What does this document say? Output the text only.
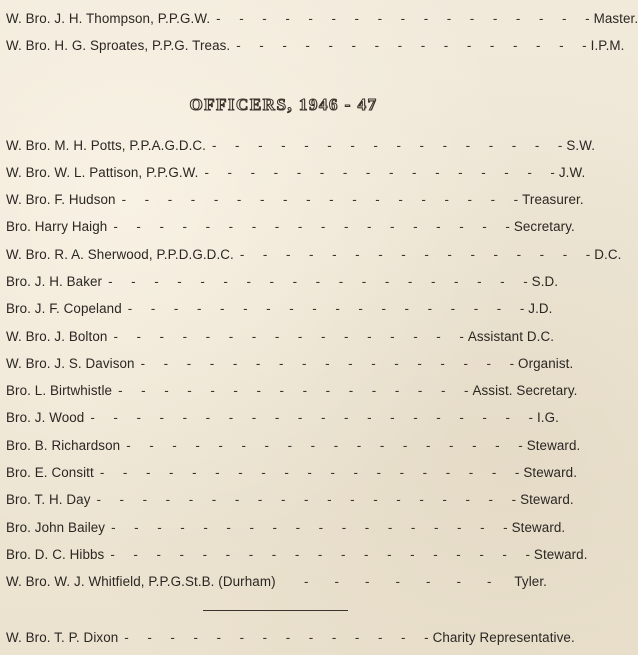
W. Bro. J. H. Thompson, P.P.G.W. -     -     -     -     -     -     -     -     -     -     -     -     -     -     -     -     - Master.
W. Bro. H. G. Sproates, P.P.G. Treas. -     -     -     -     -     -     -     -     -     -     -     -     -     -     -     - I.P.M.
OFFICERS, 1946 - 47
W. Bro. M. H. Potts, P.P.A.G.D.C. -     -     -     -     -     -     -     -     -     -     -     -     -     -     -     - S.W.
W. Bro. W. L. Pattison, P.P.G.W. -     -     -     -     -     -     -     -     -     -     -     -     -     -     -     - J.W.
W. Bro. F. Hudson -     -     -     -     -     -     -     -     -     -     -     -     -     -     -     -     -     - Treasurer.
Bro. Harry Haigh -     -     -     -     -     -     -     -     -     -     -     -     -     -     -     -     -     - Secretary.
W. Bro. R. A. Sherwood, P.P.D.G.D.C. -     -     -     -     -     -     -     -     -     -     -     -     -     -     -     - D.C.
Bro. J. H. Baker -     -     -     -     -     -     -     -     -     -     -     -     -     -     -     -     -     -     - S.D.
Bro. J. F. Copeland -     -     -     -     -     -     -     -     -     -     -     -     -     -     -     -     -     - J.D.
W. Bro. J. Bolton -     -     -     -     -     -     -     -     -     -     -     -     -     -     -     - Assistant D.C.
W. Bro. J. S. Davison -     -     -     -     -     -     -     -     -     -     -     -     -     -     -     -     - Organist.
Bro. L. Birtwhistle -     -     -     -     -     -     -     -     -     -     -     -     -     -     -     - Assist. Secretary.
Bro. J. Wood -     -     -     -     -     -     -     -     -     -     -     -     -     -     -     -     -     -     -     - I.G.
Bro. B. Richardson -     -     -     -     -     -     -     -     -     -     -     -     -     -     -     -     -     - Steward.
Bro. E. Consitt -     -     -     -     -     -     -     -     -     -     -     -     -     -     -     -     -     -     - Steward.
Bro. T. H. Day -     -     -     -     -     -     -     -     -     -     -     -     -     -     -     -     -     -     - Steward.
Bro. John Bailey -     -     -     -     -     -     -     -     -     -     -     -     -     -     -     -     -     - Steward.
Bro. D. C. Hibbs -     -     -     -     -     -     -     -     -     -     -     -     -     -     -     -     -     -     - Steward.
W. Bro. W. J. Whitfield, P.P.G.St.B. (Durham) -       -       -       -       -       -       -	Tyler.
W. Bro. T. P. Dixon -     -     -     -     -     -     -     -     -     -     -     -     -     - Charity Representative.
